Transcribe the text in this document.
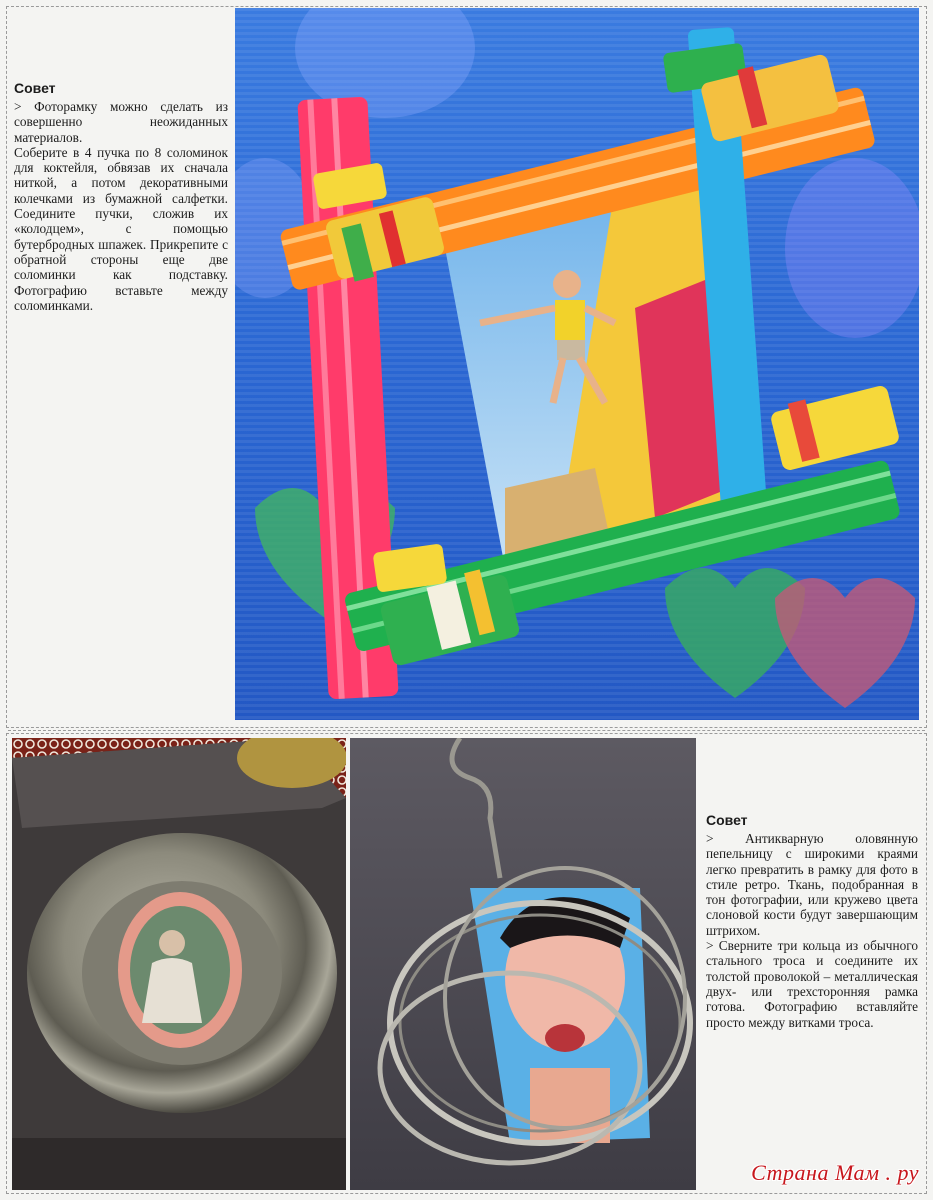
Совет

> Фоторамку можно сделать из совершенно неожиданных материалов.

Соберите в 4 пучка по 8 соломинок для коктейля, обвязав их сначала ниткой, а потом декоративными колечками из бумажной салфетки. Соедините пучки, сложив их «колодцем», с помощью бутербродных шпажек. Прикрепите с обратной стороны еще две соломинки как подставку. Фотографию вставьте между соломинками.

Совет

> Антикварную оловянную пепельницу с широкими краями легко превратить в рамку для фото в стиле ретро. Ткань, подобранная в тон фотографии, или кружево цвета слоновой кости будут завершающим штрихом.

> Сверните три кольца из обычного стального троса и соедините их толстой проволокой – металлическая двух- или трехсторонняя рамка готова. Фотографию вставляйте просто между витками троса.

Страна Мам . ру
